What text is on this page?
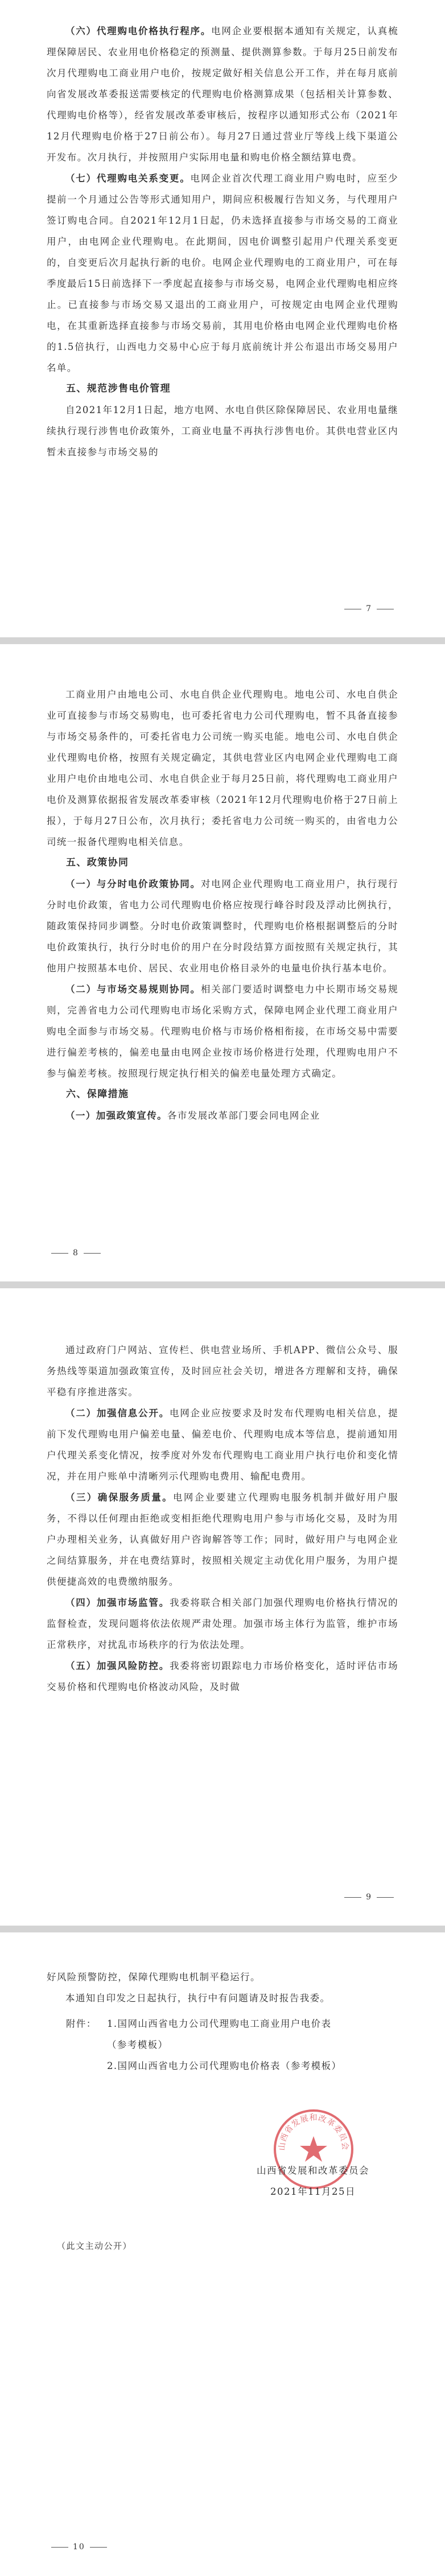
（六）代理购电价格执行程序。电网企业要根据本通知有关规定，认真梳理保障居民、农业用电价格稳定的预测量、提供测算参数。于每月25日前发布次月代理购电工商业用户电价，按规定做好相关信息公开工作，并在每月底前向省发展改革委报送需要核定的代理购电价格测算成果（包括相关计算参数、代理购电价格等），经省发展改革委审核后，按程序以通知形式公布（2021年12月代理购电价格于27日前公布）。每月27日通过营业厅等线上线下渠道公开发布。次月执行，并按照用户实际用电量和购电价格全额结算电费。

（七）代理购电关系变更。电网企业首次代理工商业用户购电时，应至少提前一个月通过公告等形式通知用户，期间应积极履行告知义务，与代理用户签订购电合同。自2021年12月1日起，仍未选择直接参与市场交易的工商业用户，由电网企业代理购电。在此期间，因电价调整引起用户代理关系变更的，自变更后次月起执行新的电价。电网企业代理购电的工商业用户，可在每季度最后15日前选择下一季度起直接参与市场交易，电网企业代理购电相应终止。已直接参与市场交易又退出的工商业用户，可按规定由电网企业代理购电，在其重新选择直接参与市场交易前，其用电价格由电网企业代理购电价格的1.5倍执行，山西电力交易中心应于每月底前统计并公布退出市场交易用户名单。

五、规范涉售电价管理

自2021年12月1日起，地方电网、水电自供区除保障居民、农业用电量继续执行现行涉售电价政策外，工商业电量不再执行涉售电价。其供电营业区内暂未直接参与市场交易的

7

工商业用户由地电公司、水电自供企业代理购电。地电公司、水电自供企业可直接参与市场交易购电，也可委托省电力公司代理购电，暂不具备直接参与市场交易条件的，可委托省电力公司统一购买电能。地电公司、水电自供企业代理购电价格，按照有关规定确定，其供电营业区内电网企业代理购电工商业用户电价由地电公司、水电自供企业于每月25日前，将代理购电工商业用户电价及测算依据报省发展改革委审核（2021年12月代理购电价格于27日前上报），于每月27日公布，次月执行；委托省电力公司统一购买的，由省电力公司统一报备代理购电相关信息。

五、政策协同

（一）与分时电价政策协同。对电网企业代理购电工商业用户，执行现行分时电价政策，省电力公司代理购电价格应按现行峰谷时段及浮动比例执行，随政策保持同步调整。分时电价政策调整时，代理购电价格根据调整后的分时电价政策执行，执行分时电价的用户在分时段结算方面按照有关规定执行，其他用户按照基本电价、居民、农业用电价格目录外的电量电价执行基本电价。

（二）与市场交易规则协同。相关部门要适时调整电力中长期市场交易规则，完善省电力公司代理购电市场化采购方式，保障电网企业代理工商业用户购电全面参与市场交易。代理购电价格与市场价格相衔接，在市场交易中需要进行偏差考核的，偏差电量由电网企业按市场价格进行处理，代理购电用户不参与偏差考核。按照现行规定执行相关的偏差电量处理方式确定。

六、保障措施

（一）加强政策宣传。各市发展改革部门要会同电网企业

8

通过政府门户网站、宣传栏、供电营业场所、手机APP、微信公众号、服务热线等渠道加强政策宣传，及时回应社会关切，增进各方理解和支持，确保平稳有序推进落实。

（二）加强信息公开。电网企业应按要求及时发布代理购电相关信息，提前下发代理购电用户偏差电量、偏差电价、代理购电成本等信息，提前通知用户代理关系变化情况，按季度对外发布代理购电工商业用户执行电价和变化情况，并在用户账单中清晰列示代理购电费用、输配电费用。

（三）确保服务质量。电网企业要建立代理购电服务机制并做好用户服务，不得以任何理由拒绝或变相拒绝代理购电用户参与市场化交易，及时为用户办理相关业务，认真做好用户咨询解答等工作；同时，做好用户与电网企业之间结算服务，并在电费结算时，按照相关规定主动优化用户服务，为用户提供便捷高效的电费缴纳服务。

（四）加强市场监管。我委将联合相关部门加强代理购电价格执行情况的监督检查，发现问题将依法依规严肃处理。加强市场主体行为监管，维护市场正常秩序，对扰乱市场秩序的行为依法处理。

（五）加强风险防控。我委将密切跟踪电力市场价格变化，适时评估市场交易价格和代理购电价格波动风险，及时做

9

好风险预警防控，保障代理购电机制平稳运行。

本通知自印发之日起执行，执行中有问题请及时报告我委。

附件： 1.国网山西省电力公司代理购电工商业用户电价表
（参考模板）
2.国网山西省电力公司代理购电价格表（参考模板）
山西省发展和改革委员会
山西省发展和改革委员会
2021年11月25日
（此文主动公开）
10
